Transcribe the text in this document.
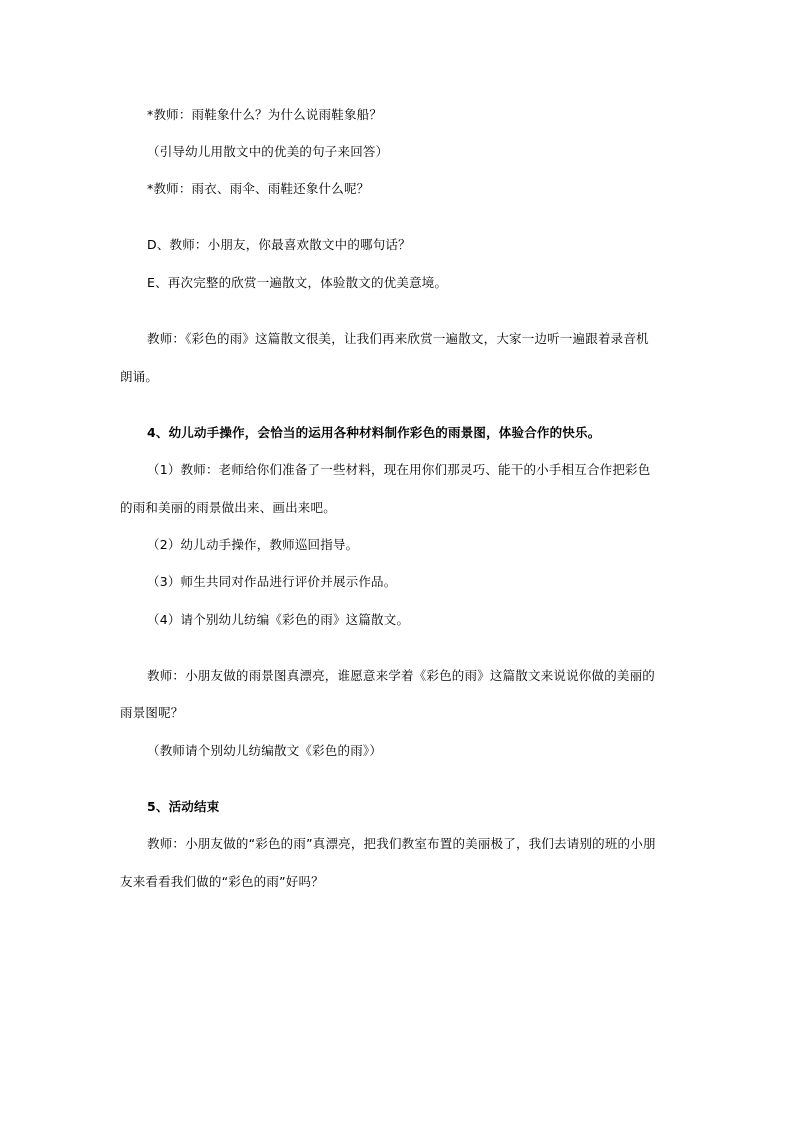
*教师：雨鞋象什么？为什么说雨鞋象船？
（引导幼儿用散文中的优美的句子来回答）
*教师：雨衣、雨伞、雨鞋还象什么呢？
D、教师：小朋友，你最喜欢散文中的哪句话？
E、再次完整的欣赏一遍散文，体验散文的优美意境。
教师：《彩色的雨》这篇散文很美，让我们再来欣赏一遍散文，大家一边听一遍跟着录音机
朗诵。
4、幼儿动手操作，会恰当的运用各种材料制作彩色的雨景图，体验合作的快乐。
（1）教师：老师给你们准备了一些材料，现在用你们那灵巧、能干的小手相互合作把彩色
的雨和美丽的雨景做出来、画出来吧。
（2）幼儿动手操作，教师巡回指导。
（3）师生共同对作品进行评价并展示作品。
（4）请个别幼儿纺编《彩色的雨》这篇散文。
教师：小朋友做的雨景图真漂亮，谁愿意来学着《彩色的雨》这篇散文来说说你做的美丽的
雨景图呢？
（教师请个别幼儿纺编散文《彩色的雨》）
5、活动结束
教师：小朋友做的“彩色的雨”真漂亮，把我们教室布置的美丽极了，我们去请别的班的小朋
友来看看我们做的“彩色的雨”好吗？
